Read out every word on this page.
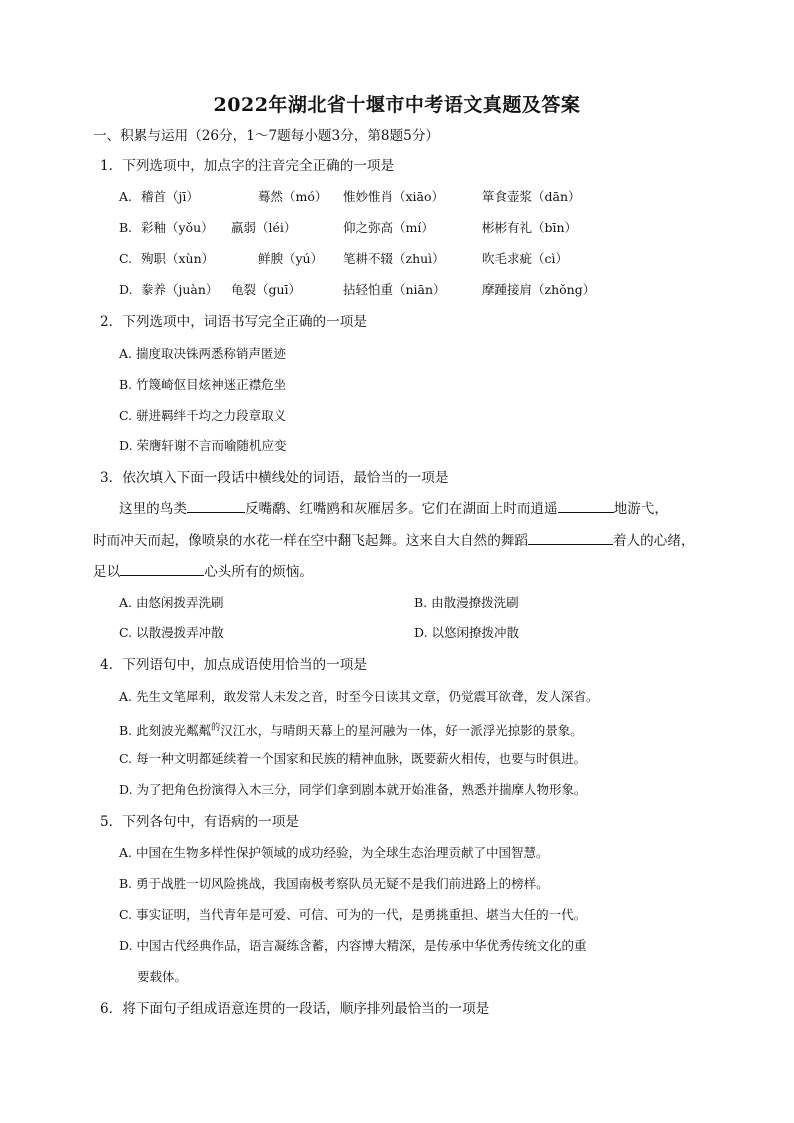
2022年湖北省十堰市中考语文真题及答案
一、积累与运用（26分，1～7题每小题3分，第8题5分）
1．下列选项中，加点字的注音完全正确的一项是
A. 稽首（jī）	蓦然（mó） 惟妙惟肖（xiāo）	箪食壶浆（dān）
B. 彩釉（yǒu） 羸弱（léi）	仰之弥高（mí）	彬彬有礼（bīn）
C. 殉职（xùn）	鲜腴（yú） 笔耕不辍（zhuì）	吹毛求疵（cì）
D. 豢养（juàn） 龟裂（guī）	拈轻怕重（niān）	摩踵接肩（zhǒng）
2．下列选项中，词语书写完全正确的一项是
A. 揣度取决铢两悉称销声匿迹
B. 竹篾崎伛目炫神迷正襟危坐
C. 骈进羁绊千均之力段章取义
D. 荣膺轩谢不言而喻随机应变
3．依次填入下面一段话中横线处的词语，最恰当的一项是
这里的鸟类	反嘴鹬、红嘴鸥和灰雁居多。它们在湖面上时而逍遥	地游弋，
时而冲天而起，像喷泉的水花一样在空中翻飞起舞。这来自大自然的舞蹈	着人的心绪，
足以	心头所有的烦恼。
A. 由悠闲拨弄洗刷	B. 由散漫撩拨洗刷
C. 以散漫拨弄冲散	D. 以悠闲撩拨冲散
4．下列语句中，加点成语使用恰当的一项是
A. 先生文笔犀利，敢发常人未发之音，时至今日读其文章，仍觉震耳欲聋，发人深省。
B. 此刻波光粼粼$^的$汉江水，与晴朗天幕上的星河融为一体，好一派浮光掠影的景象。
C. 每一种文明都延续着一个国家和民族的精神血脉，既要薪火相传，也要与时俱进。
D. 为了把角色扮演得入木三分，同学们拿到剧本就开始准备，熟悉并揣摩人物形象。
5．下列各句中，有语病的一项是
A. 中国在生物多样性保护领域的成功经验，为全球生态治理贡献了中国智慧。
B. 勇于战胜一切风险挑战，我国南极考察队员无疑不是我们前进路上的榜样。
C. 事实证明，当代青年是可爱、可信、可为的一代，是勇挑重担、堪当大任的一代。
D. 中国古代经典作品，语言凝练含蓄，内容博大精深，是传承中华优秀传统文化的重
要载体。
6．将下面句子组成语意连贯的一段话，顺序排列最恰当的一项是
